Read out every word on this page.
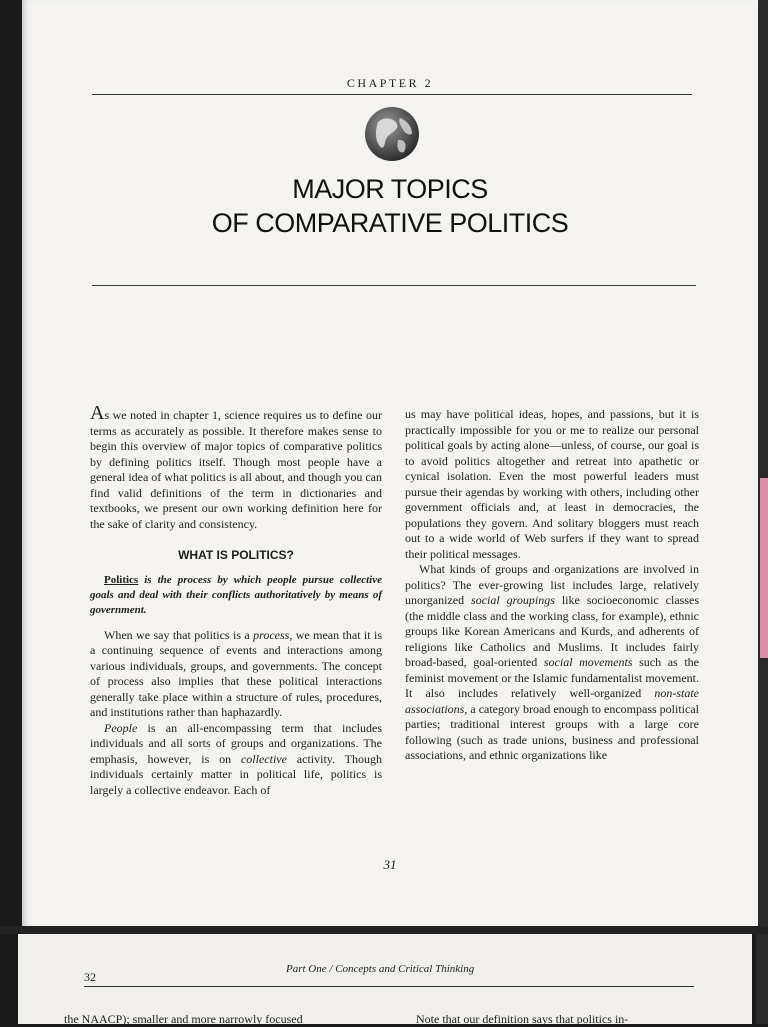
CHAPTER 2
MAJOR TOPICS
OF COMPARATIVE POLITICS

As we noted in chapter 1, science requires us to define our terms as accurately as possible. It therefore makes sense to begin this overview of major topics of comparative politics by defining politics itself. Though most people have a general idea of what politics is all about, and though you can find valid definitions of the term in dictionaries and textbooks, we present our own working definition here for the sake of clarity and consistency.

WHAT IS POLITICS?

Politics is the process by which people pursue collective goals and deal with their conflicts authoritatively by means of government.

When we say that politics is a process, we mean that it is a continuing sequence of events and interactions among various individuals, groups, and governments. The concept of process also implies that these political interactions generally take place within a structure of rules, procedures, and institutions rather than haphazardly.

People is an all-encompassing term that includes individuals and all sorts of groups and organizations. The emphasis, however, is on collective activity. Though individuals certainly matter in political life, politics is largely a collective endeavor. Each of

us may have political ideas, hopes, and passions, but it is practically impossible for you or me to realize our personal political goals by acting alone—unless, of course, our goal is to avoid politics altogether and retreat into apathetic or cynical isolation. Even the most powerful leaders must pursue their agendas by working with others, including other government officials and, at least in democracies, the populations they govern. And solitary bloggers must reach out to a wide world of Web surfers if they want to spread their political messages.

What kinds of groups and organizations are involved in politics? The ever-growing list includes large, relatively unorganized social groupings like socioeconomic classes (the middle class and the working class, for example), ethnic groups like Korean Americans and Kurds, and adherents of religions like Catholics and Muslims. It includes fairly broad-based, goal-oriented social movements such as the feminist movement or the Islamic fundamentalist movement. It also includes relatively well-organized non-state associations, a category broad enough to encompass political parties; traditional interest groups with a large core following (such as trade unions, business and professional associations, and ethnic organizations like

31
32
Part One / Concepts and Critical Thinking
the NAACP); smaller and more narrowly focused	Note that our definition says that politics in-
